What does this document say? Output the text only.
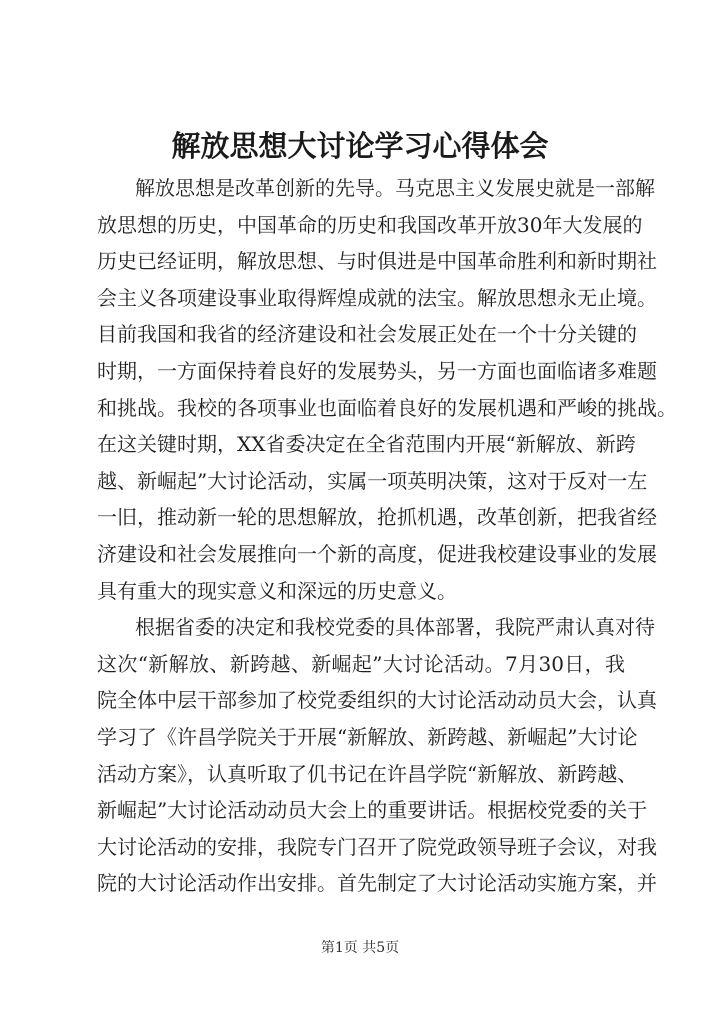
解放思想大讨论学习心得体会
解放思想是改革创新的先导。马克思主义发展史就是一部解
放思想的历史，中国革命的历史和我国改革开放30年大发展的
历史已经证明，解放思想、与时俱进是中国革命胜利和新时期社
会主义各项建设事业取得辉煌成就的法宝。解放思想永无止境。
目前我国和我省的经济建设和社会发展正处在一个十分关键的
时期，一方面保持着良好的发展势头，另一方面也面临诸多难题
和挑战。我校的各项事业也面临着良好的发展机遇和严峻的挑战。
在这关键时期，XX省委决定在全省范围内开展“新解放、新跨
越、新崛起”大讨论活动，实属一项英明决策，这对于反对一左
一旧，推动新一轮的思想解放，抢抓机遇，改革创新，把我省经
济建设和社会发展推向一个新的高度，促进我校建设事业的发展
具有重大的现实意义和深远的历史意义。
根据省委的决定和我校党委的具体部署，我院严肃认真对待
这次“新解放、新跨越、新崛起”大讨论活动。7月30日，我
院全体中层干部参加了校党委组织的大讨论活动动员大会，认真
学习了《许昌学院关于开展“新解放、新跨越、新崛起”大讨论
活动方案》，认真听取了仉书记在许昌学院“新解放、新跨越、
新崛起”大讨论活动动员大会上的重要讲话。根据校党委的关于
大讨论活动的安排，我院专门召开了院党政领导班子会议，对我
院的大讨论活动作出安排。首先制定了大讨论活动实施方案，并
第1页 共5页
